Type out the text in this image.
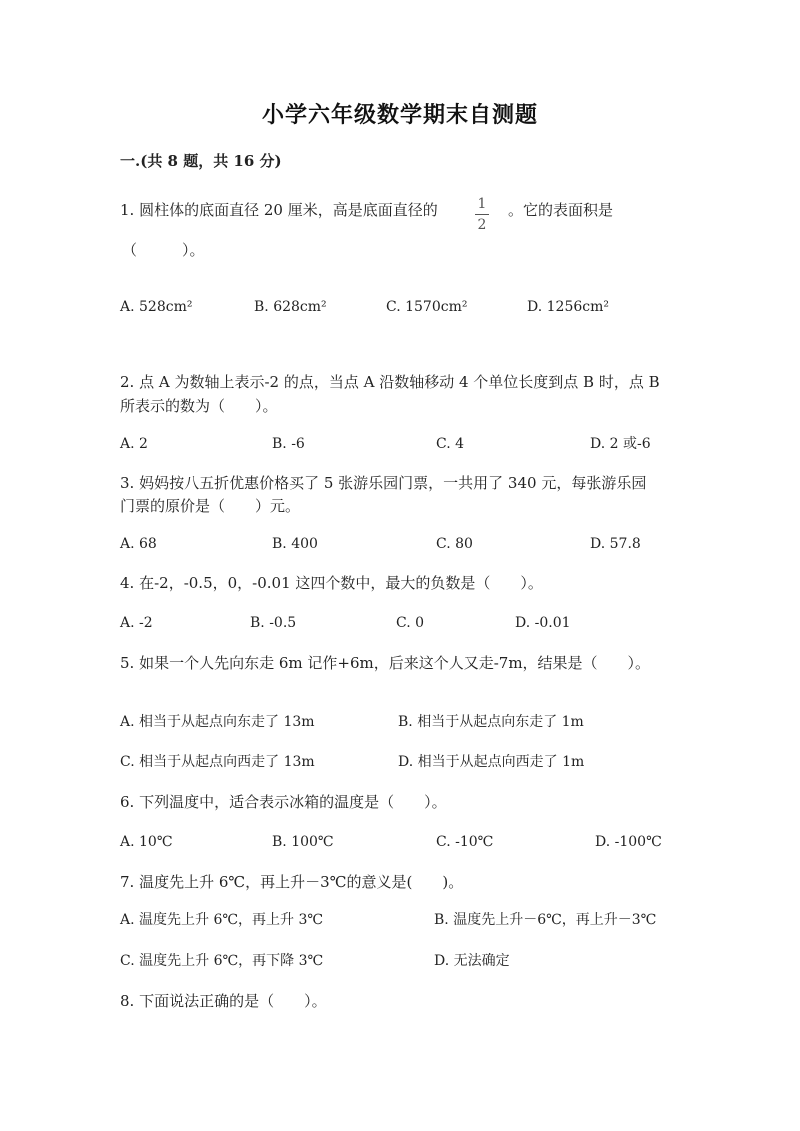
小学六年级数学期末自测题
一.(共 8 题，共 16 分)
1. 圆柱体的底面直径 20 厘米，高是底面直径的	1
2
。它的表面积是
（　　　）。
A. 528cm²	B. 628cm²	C. 1570cm²	D. 1256cm²
2. 点 A 为数轴上表示-2 的点，当点 A 沿数轴移动 4 个单位长度到点 B 时，点 B
所表示的数为（　　）。
A. 2	B. -6	C. 4	D. 2 或-6
3. 妈妈按八五折优惠价格买了 5 张游乐园门票，一共用了 340 元，每张游乐园
门票的原价是（　　）元。
A. 68	B. 400	C. 80	D. 57.8
4. 在-2，-0.5，0，-0.01 这四个数中，最大的负数是（　　）。
A. -2	B. -0.5	C. 0	D. -0.01
5. 如果一个人先向东走 6m 记作+6m，后来这个人又走-7m，结果是（　　）。
A. 相当于从起点向东走了 13m	B. 相当于从起点向东走了 1m
C. 相当于从起点向西走了 13m	D. 相当于从起点向西走了 1m
6. 下列温度中，适合表示冰箱的温度是（　　）。
A. 10℃	B. 100℃	C. -10℃	D. -100℃
7. 温度先上升 6℃，再上升－3℃的意义是(　　)。
A. 温度先上升 6℃，再上升 3℃	B. 温度先上升－6℃，再上升－3℃
C. 温度先上升 6℃，再下降 3℃	D. 无法确定
8. 下面说法正确的是（　　）。
